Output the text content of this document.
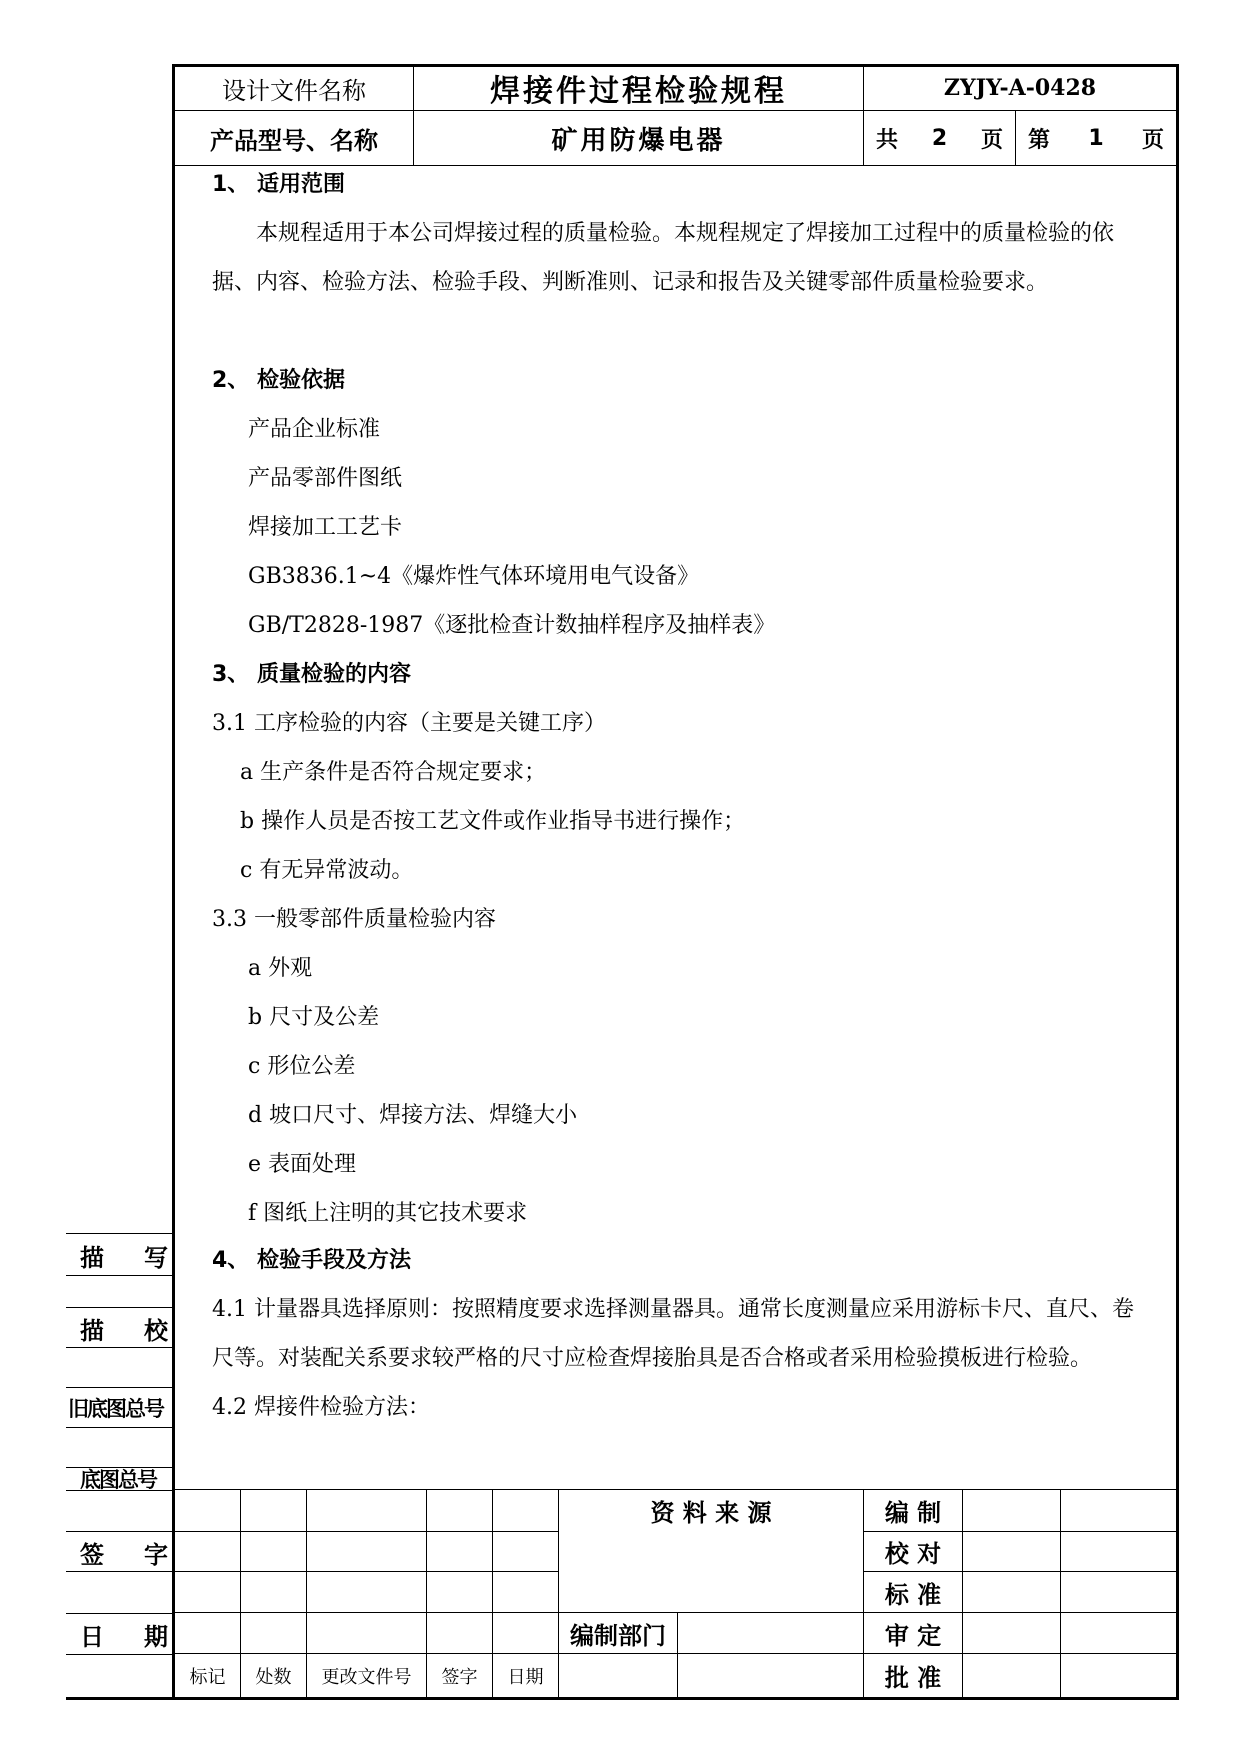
设计文件名称	焊接件过程检验规程	ZYJY-A-0428
产品型号、名称	矿用防爆电器	共 2 页 第 1 页
1、 适用范围
本规程适用于本公司焊接过程的质量检验。本规程规定了焊接加工过程中的质量检验的依据、内容、检验方法、检验手段、判断准则、记录和报告及关键零部件质量检验要求。
2、 检验依据
产品企业标准
产品零部件图纸
焊接加工工艺卡
GB3836.1~4《爆炸性气体环境用电气设备》
GB/T2828-1987《逐批检查计数抽样程序及抽样表》
3、 质量检验的内容
3.1 工序检验的内容（主要是关键工序）
a 生产条件是否符合规定要求；
b 操作人员是否按工艺文件或作业指导书进行操作；
c 有无异常波动。
3.3 一般零部件质量检验内容
a 外观
b 尺寸及公差
c 形位公差
d 坡口尺寸、焊接方法、焊缝大小
e 表面处理
f 图纸上注明的其它技术要求
4、 检验手段及方法
4.1 计量器具选择原则：按照精度要求选择测量器具。通常长度测量应采用游标卡尺、直尺、卷尺等。对装配关系要求较严格的尺寸应检查焊接胎具是否合格或者采用检验摸板进行检验。
4.2 焊接件检验方法：
描 写
描 校
旧底图总号
底图总号
签 字
日 期
资 料 来 源
编制部门
编 制
校 对
标 准
审 定
批 准
标记	处数	更改文件号	签字	日期
